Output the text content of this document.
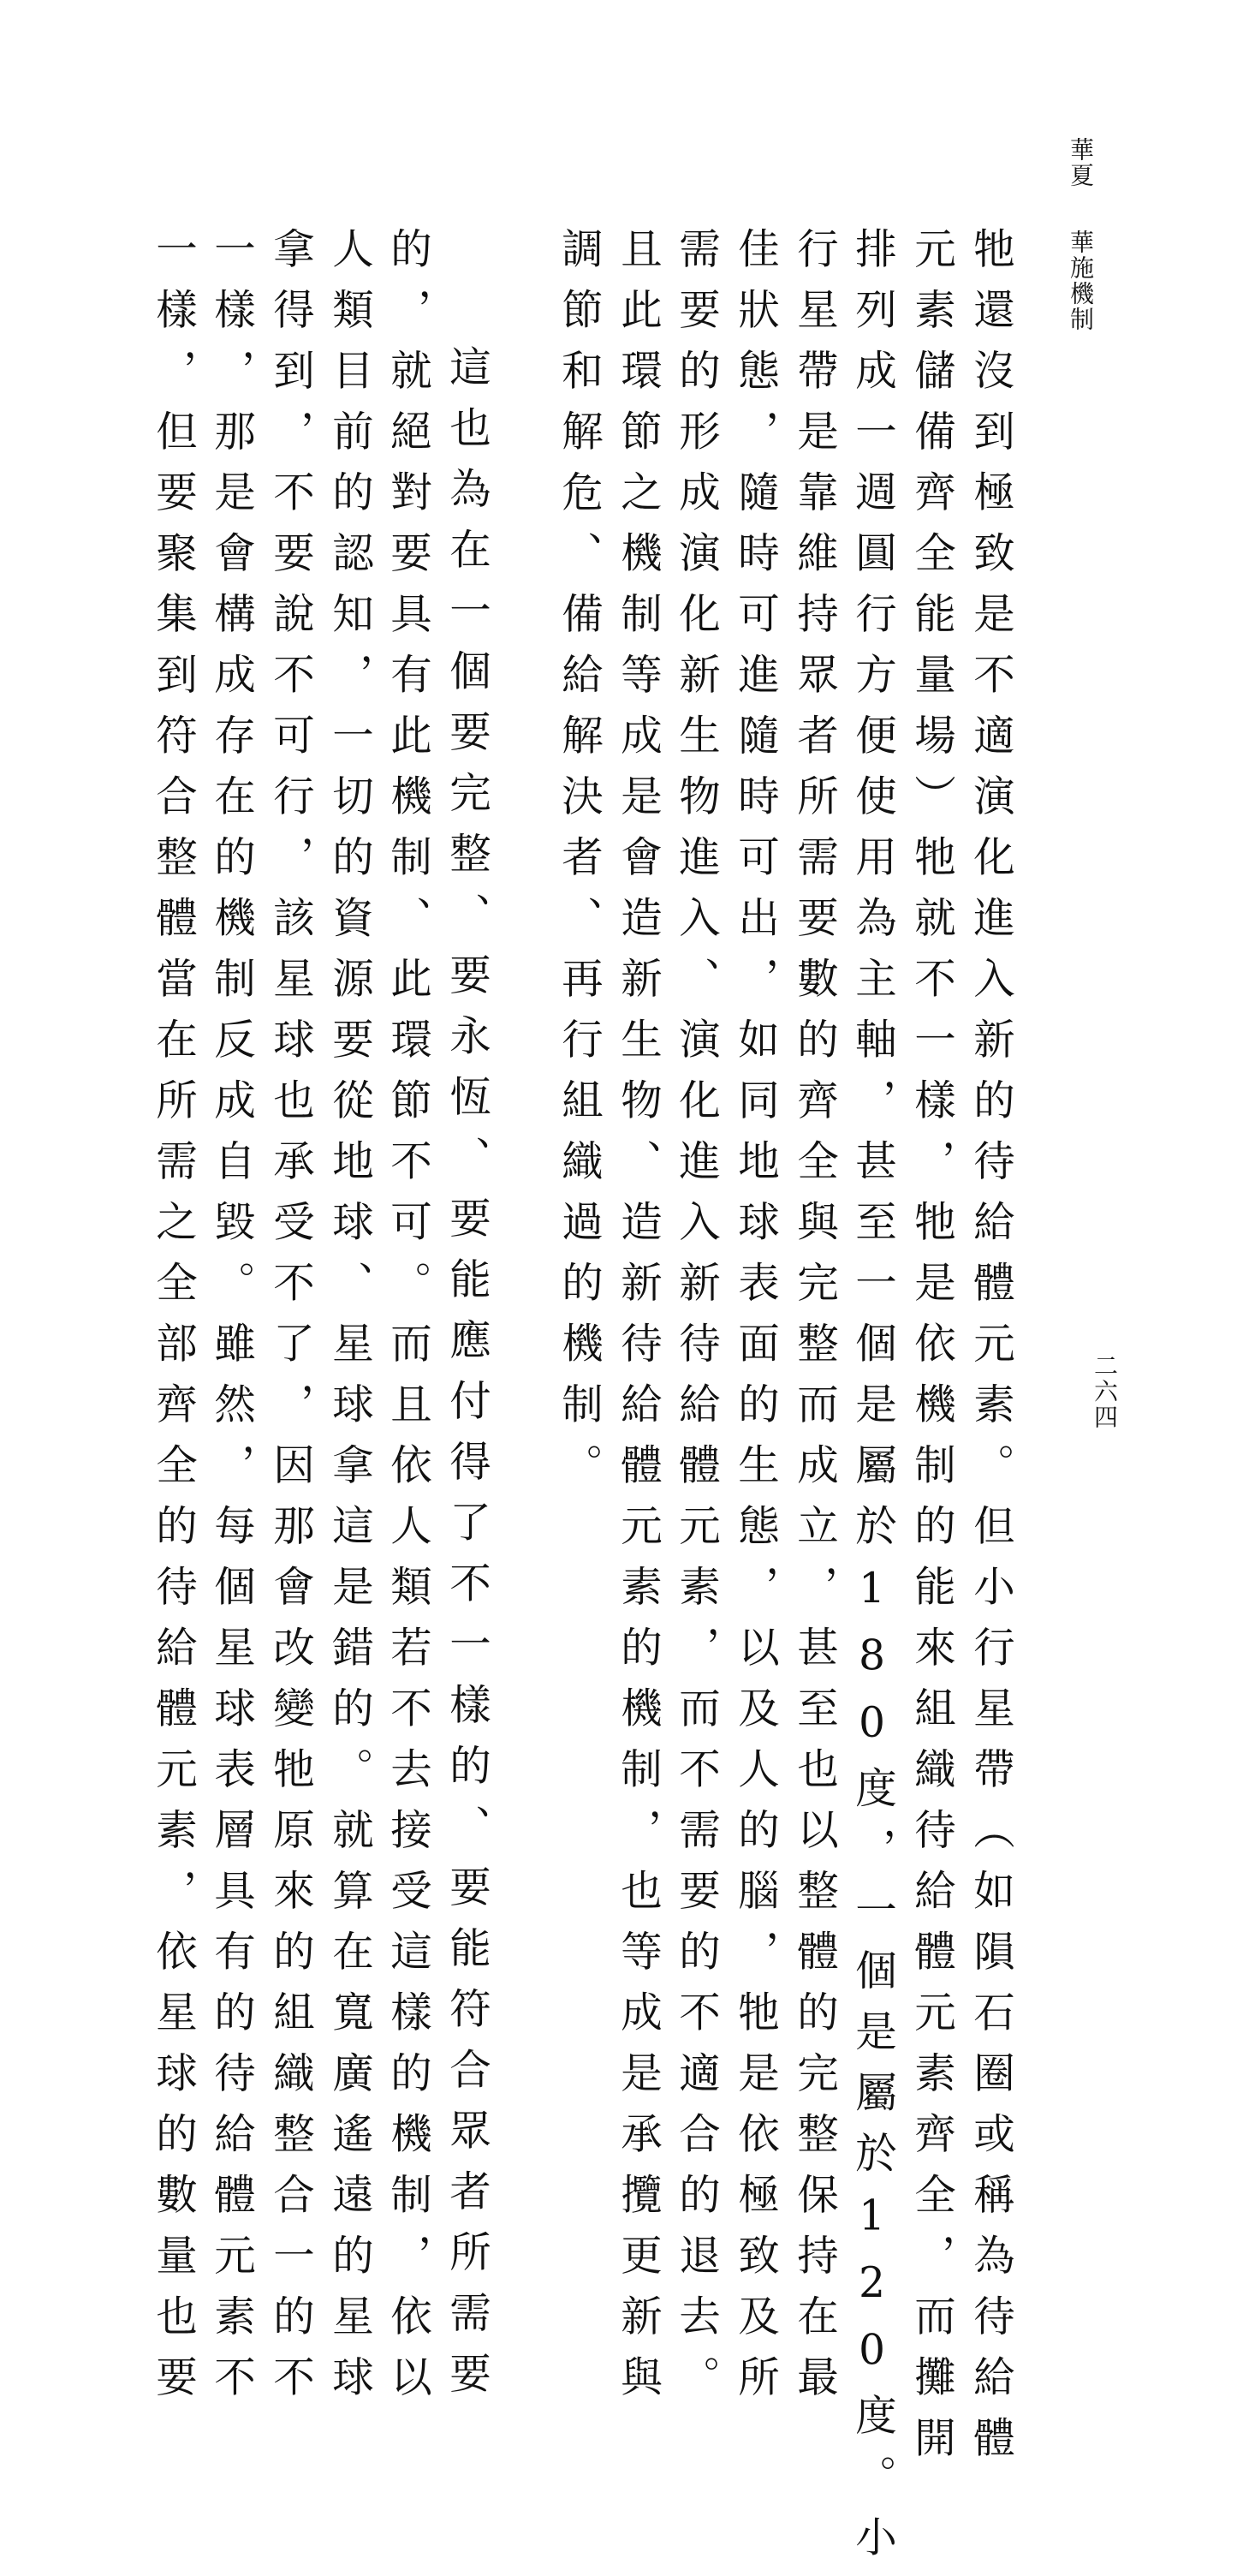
華夏
華施機制
二六四
牠還沒到極致是不適演化進入新的待給體元素。但小行星帶︵如隕石圈或稱為待給體
元素儲備齊全能量場︶牠就不一樣，牠是依機制的能來組織待給體元素齊全，而攤開
排列成一週圓行方便使用為主軸，甚至一個是屬於180度，一個是屬於120度。小
行星帶是靠維持眾者所需要數的齊全與完整而成立，甚至也以整體的完整保持在最
佳狀態，隨時可進隨時可出，如同地球表面的生態，以及人的腦，牠是依極致及所
需要的形成演化新生物進入、演化進入新待給體元素，而不需要的不適合的退去。
且此環節之機制等成是會造新生物、造新待給體元素的機制，也等成是承攬更新與
調節和解危、備給解決者、再行組織過的機制。
這也為在一個要完整、要永恆、要能應付得了不一樣的、要能符合眾者所需要
的，就絕對要具有此機制、此環節不可。而且依人類若不去接受這樣的機制，依以
人類目前的認知，一切的資源要從地球、星球拿這是錯的。就算在寬廣遙遠的星球
拿得到，不要說不可行，該星球也承受不了，因那會改變牠原來的組織整合一的不
一樣，那是會構成存在的機制反成自毀。雖然，每個星球表層具有的待給體元素不
一樣，但要聚集到符合整體當在所需之全部齊全的待給體元素，依星球的數量也要
